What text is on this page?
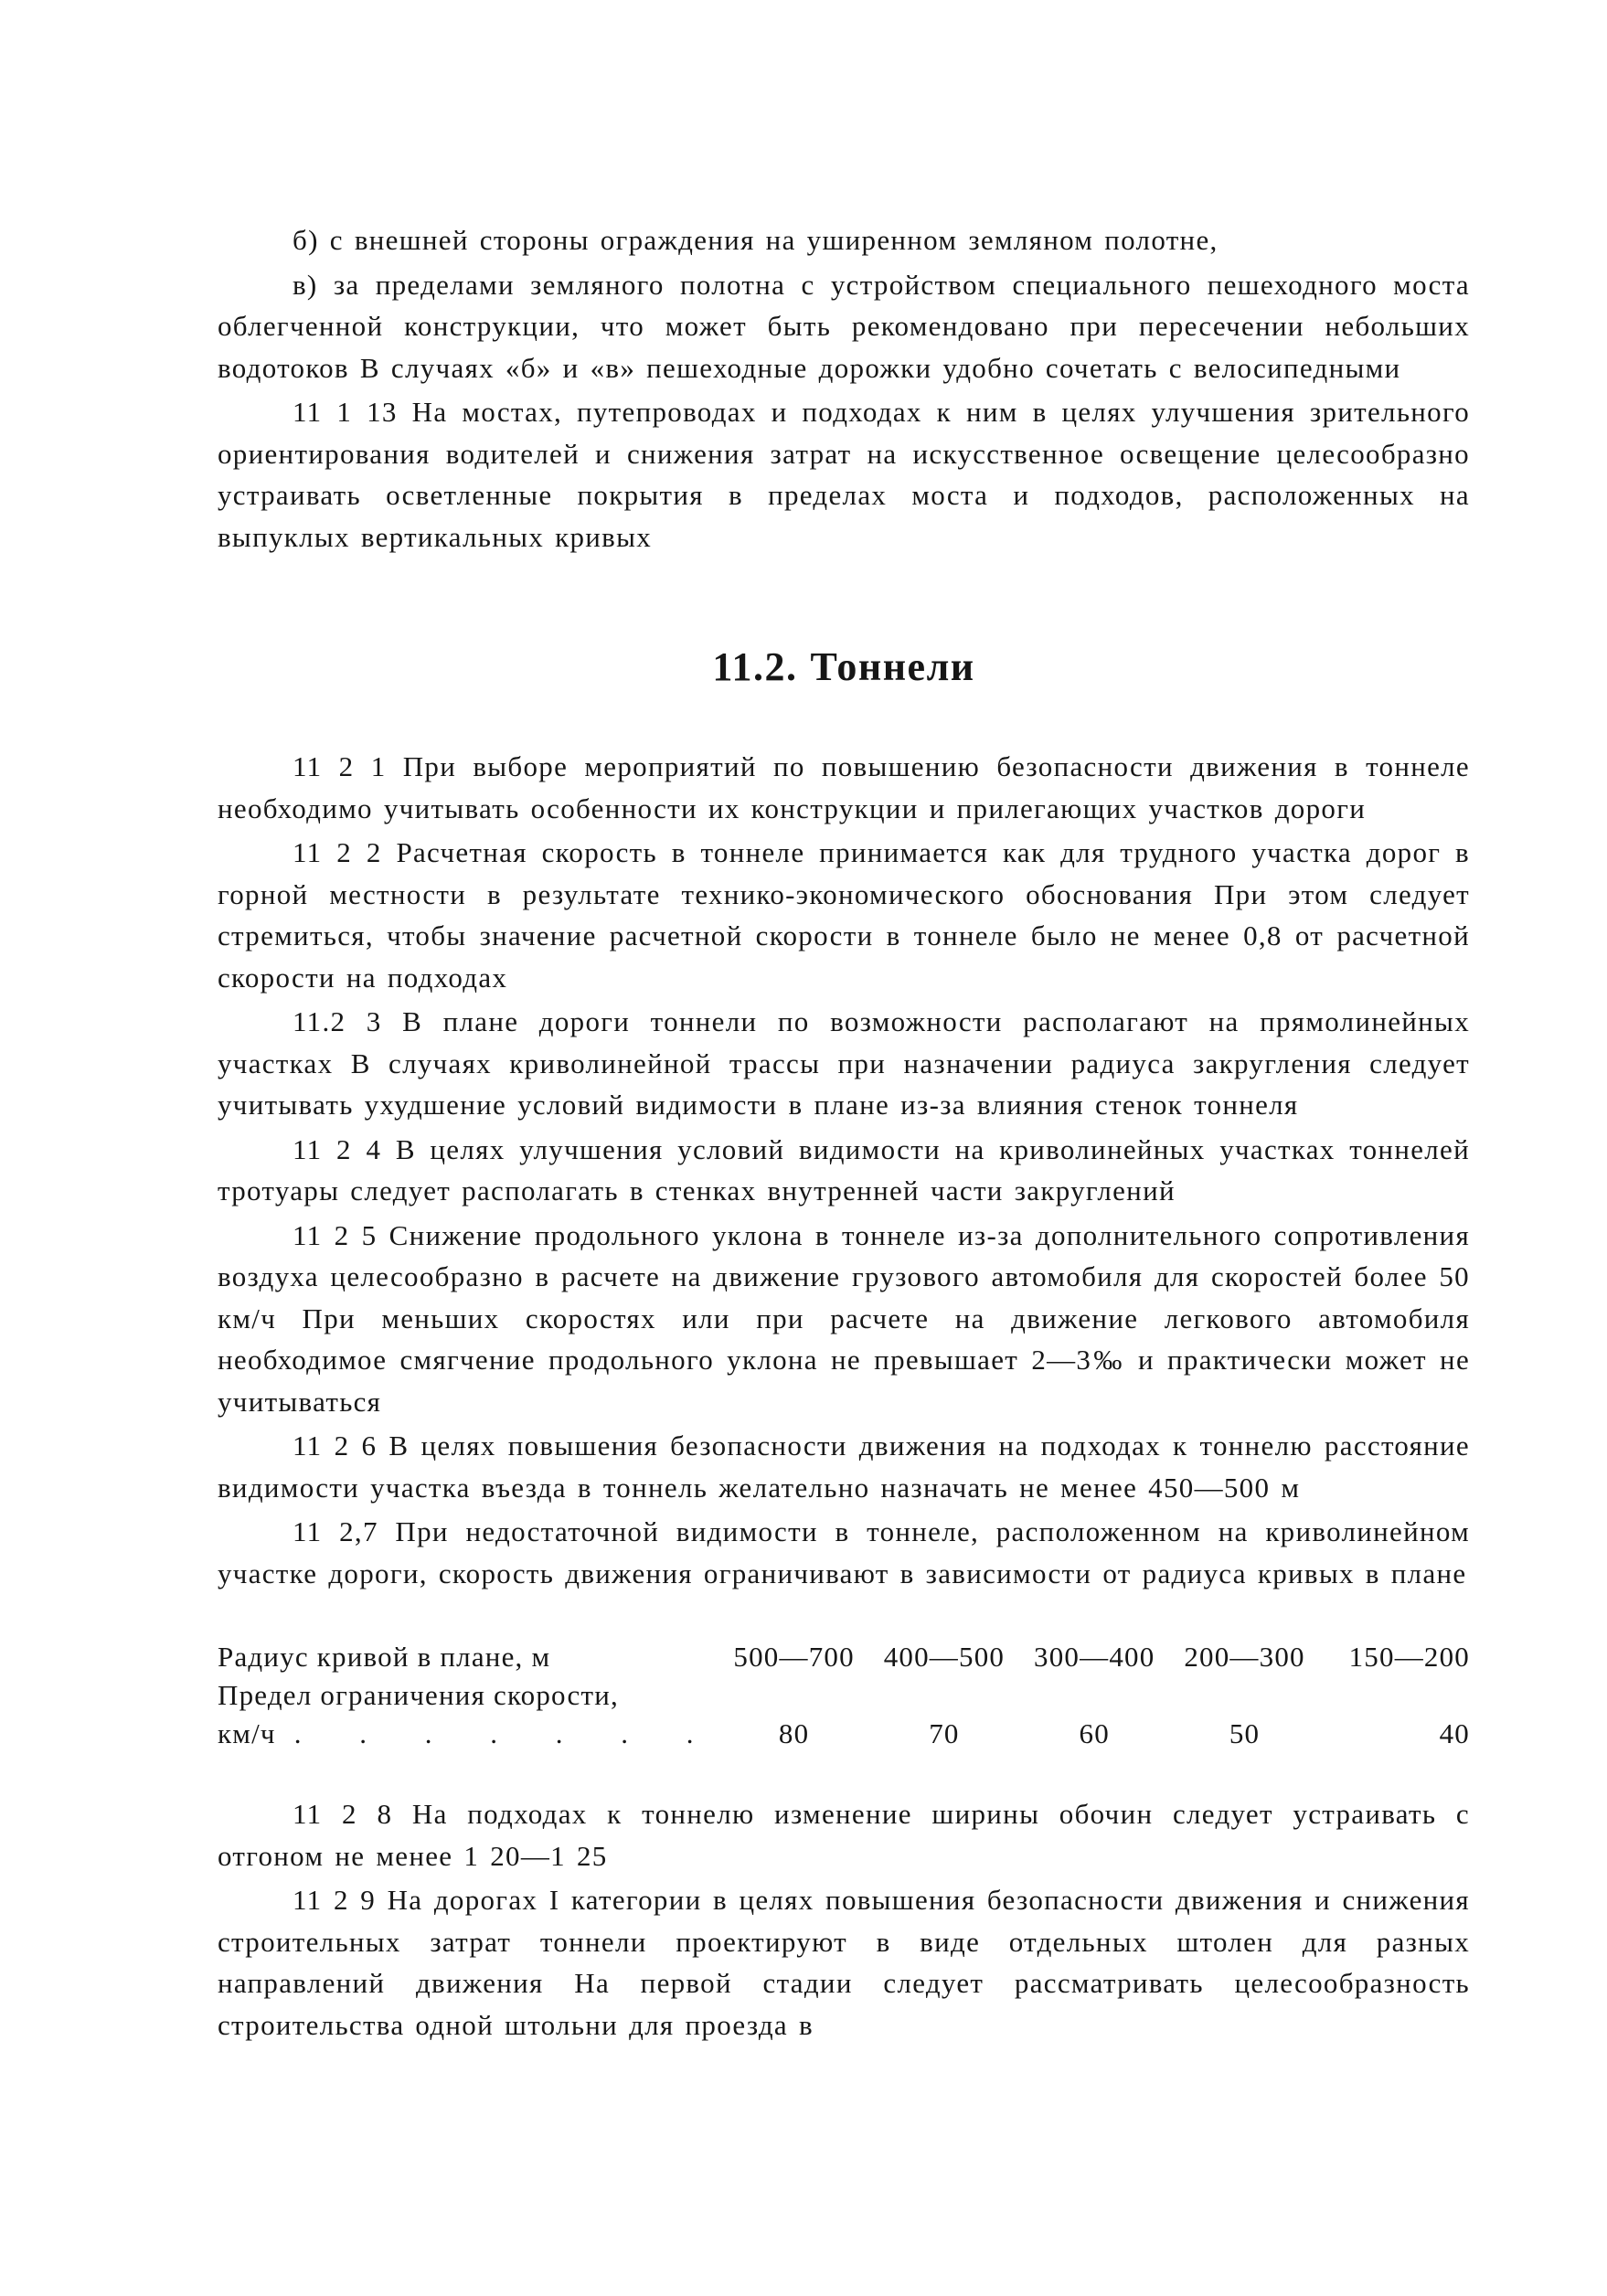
б) с внешней стороны ограждения на уширенном земляном полотне,

в) за пределами земляного полотна с устройством специального пешеходного моста облегченной конструкции, что может быть рекомендовано при пересечении небольших водотоков В случаях «б» и «в» пешеходные дорожки удобно сочетать с велосипедными

11 1 13 На мостах, путепроводах и подходах к ним в целях улучшения зрительного ориентирования водителей и снижения затрат на искусственное освещение целесообразно устраивать осветленные покрытия в пределах моста и подходов, расположенных на выпуклых вертикальных кривых

11.2. Тоннели

11 2 1 При выборе мероприятий по повышению безопасности движения в тоннеле необходимо учитывать особенности их конструкции и прилегающих участков дороги

11 2 2 Расчетная скорость в тоннеле принимается как для трудного участка дорог в горной местности в результате технико-экономического обоснования При этом следует стремиться, чтобы значение расчетной скорости в тоннеле было не менее 0,8 от расчетной скорости на подходах

11.2 3 В плане дороги тоннели по возможности располагают на прямолинейных участках В случаях криволинейной трассы при назначении радиуса закругления следует учитывать ухудшение условий видимости в плане из-за влияния стенок тоннеля

11 2 4 В целях улучшения условий видимости на криволинейных участках тоннелей тротуары следует располагать в стенках внутренней части закруглений

11 2 5 Снижение продольного уклона в тоннеле из-за дополнительного сопротивления воздуха целесообразно в расчете на движение грузового автомобиля для скоростей более 50 км/ч При меньших скоростях или при расчете на движение легкового автомобиля необходимое смягчение продольного уклона не превышает 2—3‰ и практически может не учитываться

11 2 6 В целях повышения безопасности движения на подходах к тоннелю расстояние видимости участка въезда в тоннель желательно назначать не менее 450—500 м

11 2,7 При недостаточной видимости в тоннеле, расположенном на криволинейном участке дороги, скорость движения ограничивают в зависимости от радиуса кривых в плане

Радиус кривой в плане, м	500—700	400—500	300—400	200—300	150—200
Предел ограничения скорости,					
км/ч . . . . . . .	80	70	60	50	40

11 2 8 На подходах к тоннелю изменение ширины обочин следует устраивать с отгоном не менее 1 20—1 25

11 2 9 На дорогах I категории в целях повышения безопасности движения и снижения строительных затрат тоннели проектируют в виде отдельных штолен для разных направлений движения На первой стадии следует рассматривать целесообразность строительства одной штольни для проезда в
